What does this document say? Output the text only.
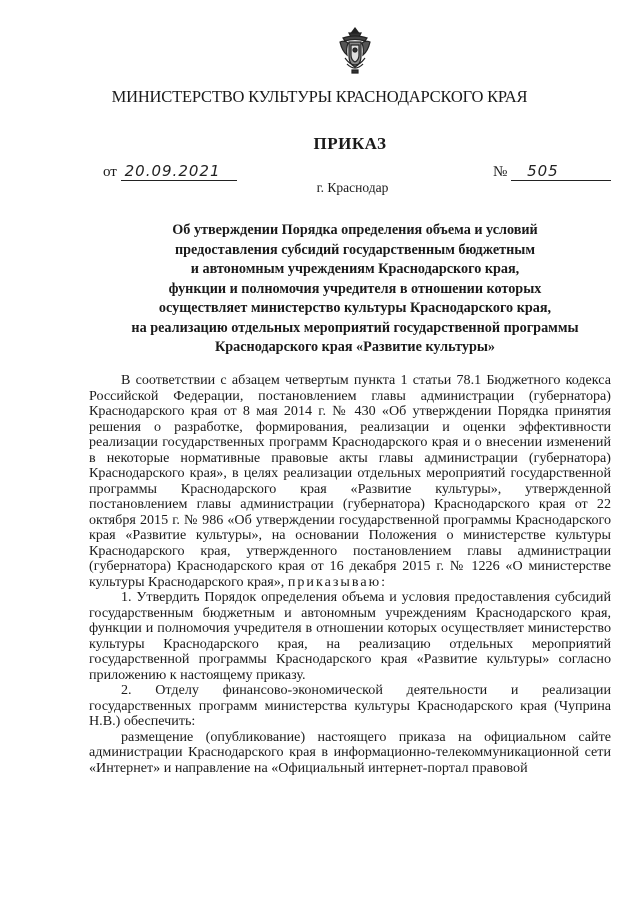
МИНИСТЕРСТВО КУЛЬТУРЫ КРАСНОДАРСКОГО КРАЯ
ПРИКАЗ
от 20.09.2021	№ 505
г. Краснодар
Об утверждении Порядка определения объема и условий
предоставления субсидий государственным бюджетным
и автономным учреждениям Краснодарского края,
функции и полномочия учредителя в отношении которых
осуществляет министерство культуры Краснодарского края,
на реализацию отдельных мероприятий государственной программы
Краснодарского края «Развитие культуры»

В соответствии с абзацем четвертым пункта 1 статьи 78.1 Бюджетного кодекса Российской Федерации, постановлением главы администрации (губернатора) Краснодарского края от 8 мая 2014 г. № 430 «Об утверждении Порядка принятия решения о разработке, формирования, реализации и оценки эффективности реализации государственных программ Краснодарского края и о внесении изменений в некоторые нормативные правовые акты главы администрации (губернатора) Краснодарского края», в целях реализации отдельных мероприятий государственной программы Краснодарского края «Развитие культуры», утвержденной постановлением главы администрации (губернатора) Краснодарского края от 22 октября 2015 г. № 986 «Об утверждении государственной программы Краснодарского края «Развитие культуры», на основании Положения о министерстве культуры Краснодарского края, утвержденного постановлением главы администрации (губернатора) Краснодарского края от 16 декабря 2015 г. № 1226 «О министерстве культуры Краснодарского края», приказываю:

1. Утвердить Порядок определения объема и условия предоставления субсидий государственным бюджетным и автономным учреждениям Краснодарского края, функции и полномочия учредителя в отношении которых осуществляет министерство культуры Краснодарского края, на реализацию отдельных мероприятий государственной программы Краснодарского края «Развитие культуры» согласно приложению к настоящему приказу.

2. Отделу финансово-экономической деятельности и реализации государственных программ министерства культуры Краснодарского края (Чуприна Н.В.) обеспечить:

размещение (опубликование) настоящего приказа на официальном сайте администрации Краснодарского края в информационно-телекоммуникационной сети «Интернет» и направление на «Официальный интернет-портал правовой
